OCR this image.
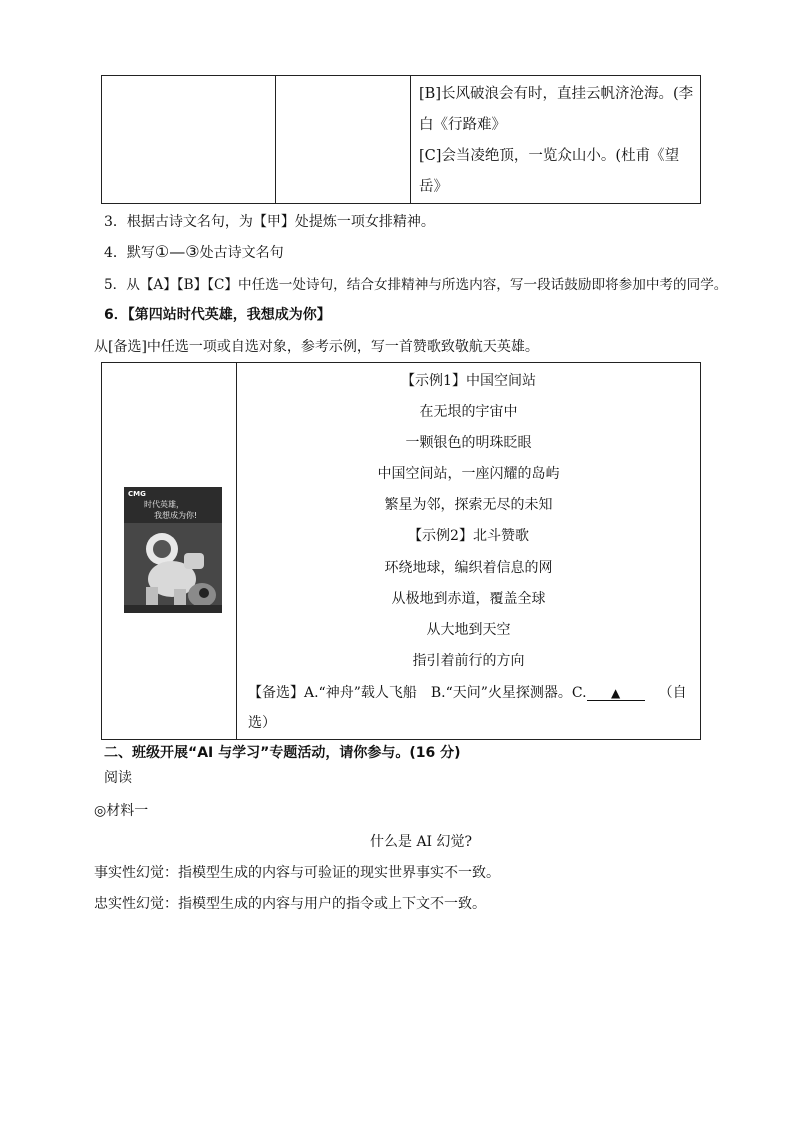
[B]长风破浪会有时，直挂云帆济沧海。(李
白《行路难》
[C]会当凌绝顶，一览众山小。(杜甫《望
岳》
3．根据古诗文名句，为【甲】处提炼一项女排精神。
4．默写①—③处古诗文名句
5．从【A】【B】【C】中任选一处诗句，结合女排精神与所选内容，写一段话鼓励即将参加中考的同学。
6．【第四站时代英雄，我想成为你】
从[备选]中任选一项或自选对象，参考示例，写一首赞歌致敬航天英雄。
CMG
时代英雄，
我想成为你!
【示例1】中国空间站
在无垠的宇宙中
一颗银色的明珠眨眼
中国空间站，一座闪耀的岛屿
繁星为邻，探索无尽的未知
【示例2】北斗赞歌
环绕地球，编织着信息的网
从极地到赤道，覆盖全球
从大地到天空
指引着前行的方向
【备选】A.“神舟”载人飞船　B.“天问”火星探测器。C. ▲	（自
选）
二、班级开展“AI 与学习”专题活动，请你参与。(16 分)
阅读
◎材料一
什么是 AI 幻觉?
事实性幻觉：指模型生成的内容与可验证的现实世界事实不一致。
忠实性幻觉：指模型生成的内容与用户的指令或上下文不一致。
